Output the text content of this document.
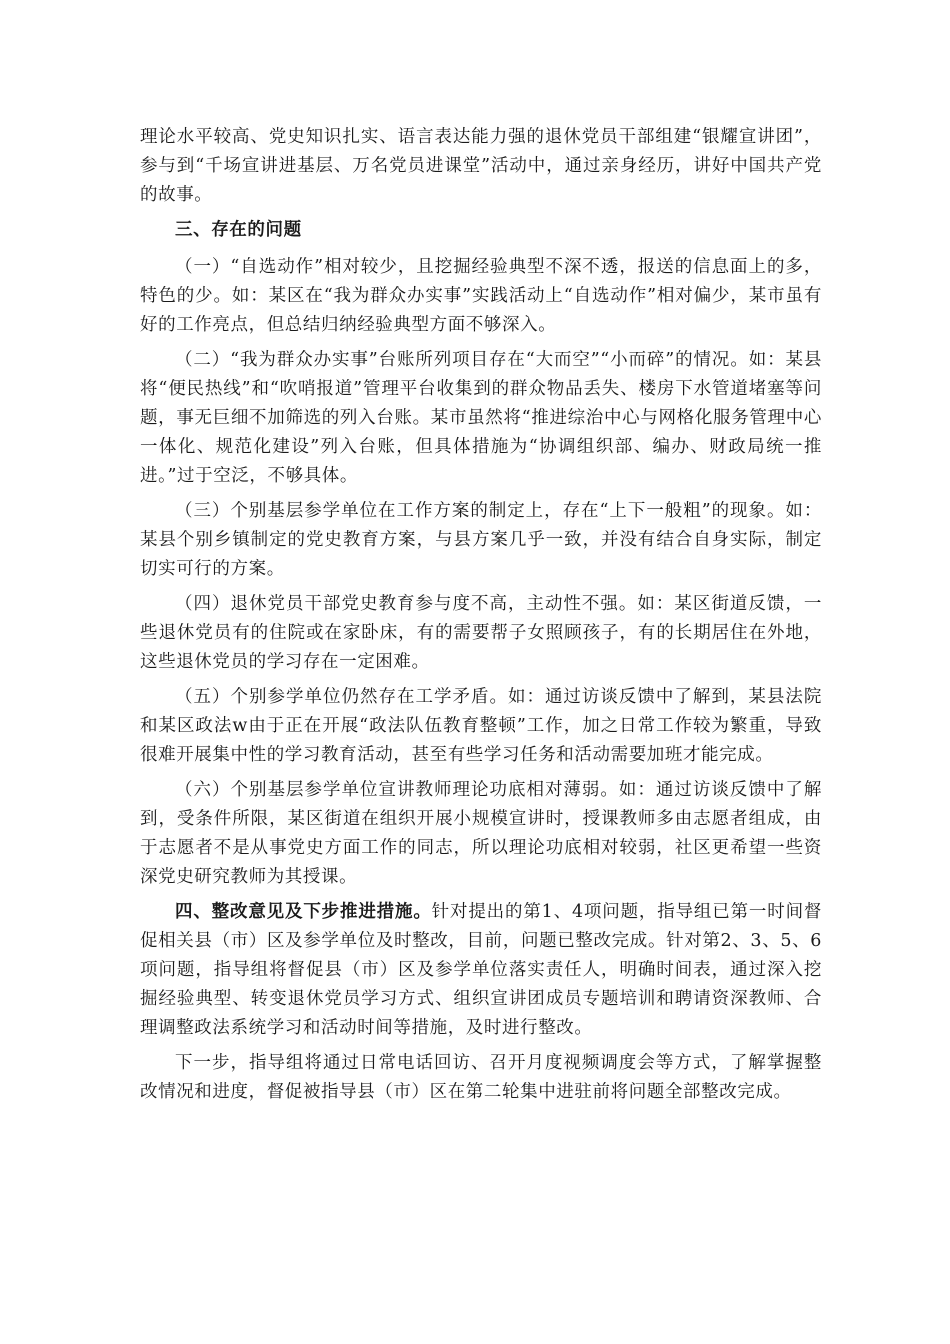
理论水平较高、党史知识扎实、语言表达能力强的退休党员干部组建“银耀宣讲团”，参与到“千场宣讲进基层、万名党员进课堂”活动中，通过亲身经历，讲好中国共产党的故事。

三、存在的问题

（一）“自选动作”相对较少，且挖掘经验典型不深不透，报送的信息面上的多，特色的少。如：某区在“我为群众办实事”实践活动上“自选动作”相对偏少，某市虽有好的工作亮点，但总结归纳经验典型方面不够深入。

（二）“我为群众办实事”台账所列项目存在“大而空”“小而碎”的情况。如：某县将“便民热线”和“吹哨报道”管理平台收集到的群众物品丢失、楼房下水管道堵塞等问题，事无巨细不加筛选的列入台账。某市虽然将“推进综治中心与网格化服务管理中心一体化、规范化建设”列入台账，但具体措施为“协调组织部、编办、财政局统一推进。”过于空泛，不够具体。

（三）个别基层参学单位在工作方案的制定上，存在“上下一般粗”的现象。如：某县个别乡镇制定的党史教育方案，与县方案几乎一致，并没有结合自身实际，制定切实可行的方案。

（四）退休党员干部党史教育参与度不高，主动性不强。如：某区街道反馈，一些退休党员有的住院或在家卧床，有的需要帮子女照顾孩子，有的长期居住在外地，这些退休党员的学习存在一定困难。

（五）个别参学单位仍然存在工学矛盾。如：通过访谈反馈中了解到，某县法院和某区政法w由于正在开展“政法队伍教育整顿”工作，加之日常工作较为繁重，导致很难开展集中性的学习教育活动，甚至有些学习任务和活动需要加班才能完成。

（六）个别基层参学单位宣讲教师理论功底相对薄弱。如：通过访谈反馈中了解到，受条件所限，某区街道在组织开展小规模宣讲时，授课教师多由志愿者组成，由于志愿者不是从事党史方面工作的同志，所以理论功底相对较弱，社区更希望一些资深党史研究教师为其授课。

四、整改意见及下步推进措施。针对提出的第1、4项问题，指导组已第一时间督促相关县（市）区及参学单位及时整改，目前，问题已整改完成。针对第2、3、5、6项问题，指导组将督促县（市）区及参学单位落实责任人，明确时间表，通过深入挖掘经验典型、转变退休党员学习方式、组织宣讲团成员专题培训和聘请资深教师、合理调整政法系统学习和活动时间等措施，及时进行整改。

下一步，指导组将通过日常电话回访、召开月度视频调度会等方式，了解掌握整改情况和进度，督促被指导县（市）区在第二轮集中进驻前将问题全部整改完成。
